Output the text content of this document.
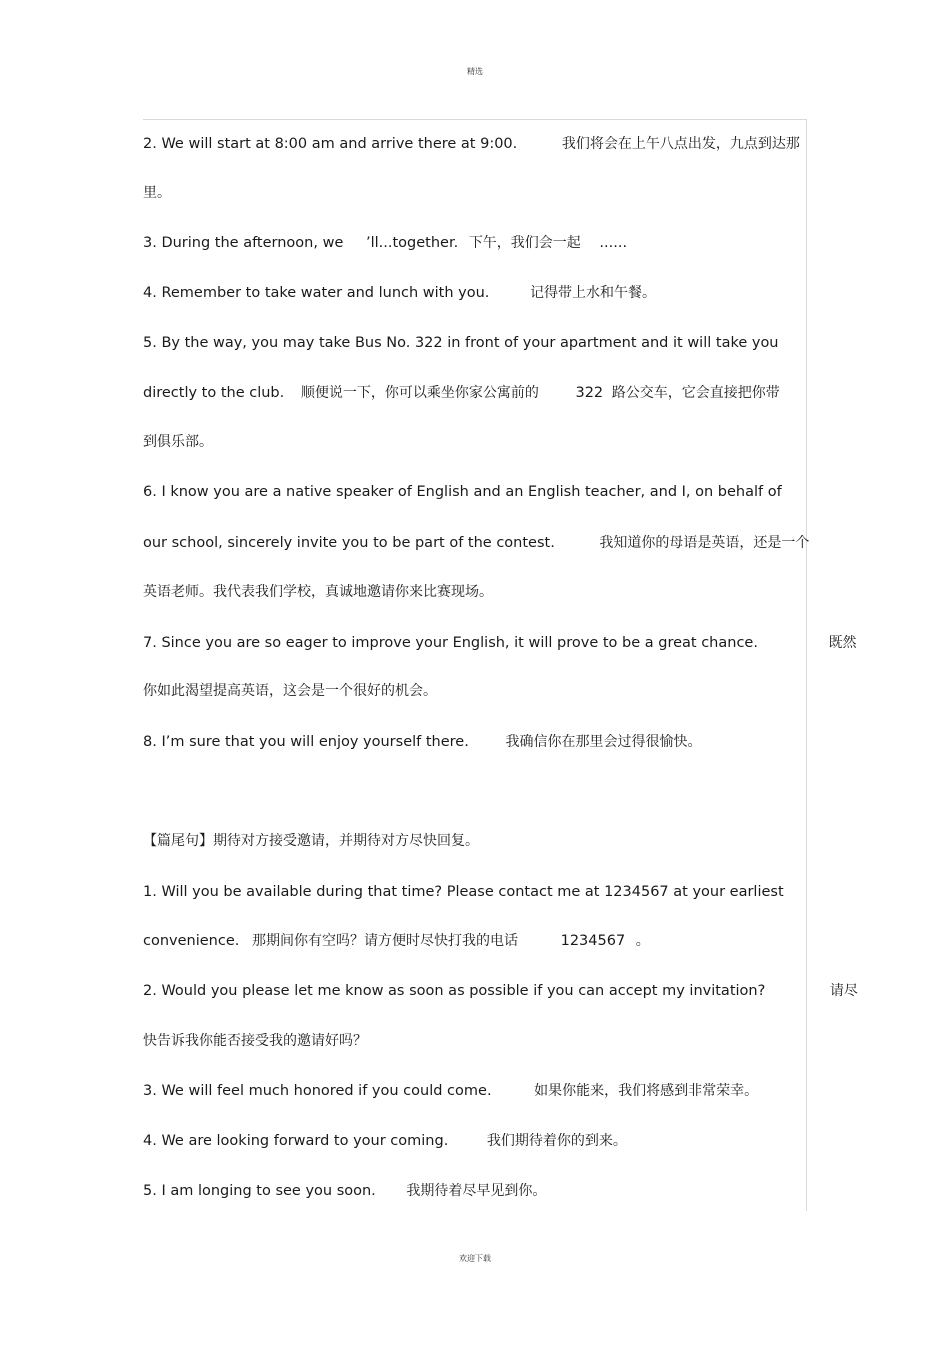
精选
2. We will start at 8:00 am and arrive there at 9:00.	我们将会在上午八点出发，九点到达那
里。
3. During the afternoon, we ’ll...together. 下午，我们会一起 ......
4. Remember to take water and lunch with you.	记得带上水和午餐。
5. By the way, you may take Bus No. 322 in front of your apartment and it will take you
directly to the club. 顺便说一下，你可以乘坐你家公寓前的	322 路公交车，它会直接把你带
到俱乐部。
6. I know you are a native speaker of English and an English teacher, and I, on behalf of
our school, sincerely invite you to be part of the contest.	我知道你的母语是英语，还是一个
英语老师。我代表我们学校，真诚地邀请你来比赛现场。
7. Since you are so eager to improve your English, it will prove to be a great chance.	既然
你如此渴望提高英语，这会是一个很好的机会。
8. I’m sure that you will enjoy yourself there.	我确信你在那里会过得很愉快。
【篇尾句】期待对方接受邀请，并期待对方尽快回复。
1. Will you be available during that time? Please contact me at 1234567 at your earliest
convenience. 那期间你有空吗？请方便时尽快打我的电话	1234567 。
2. Would you please let me know as soon as possible if you can accept my invitation?	请尽
快告诉我你能否接受我的邀请好吗？
3. We will feel much honored if you could come.	如果你能来，我们将感到非常荣幸。
4. We are looking forward to your coming.	我们期待着你的到来。
5. I am longing to see you soon. 我期待着尽早见到你。
欢迎下载
